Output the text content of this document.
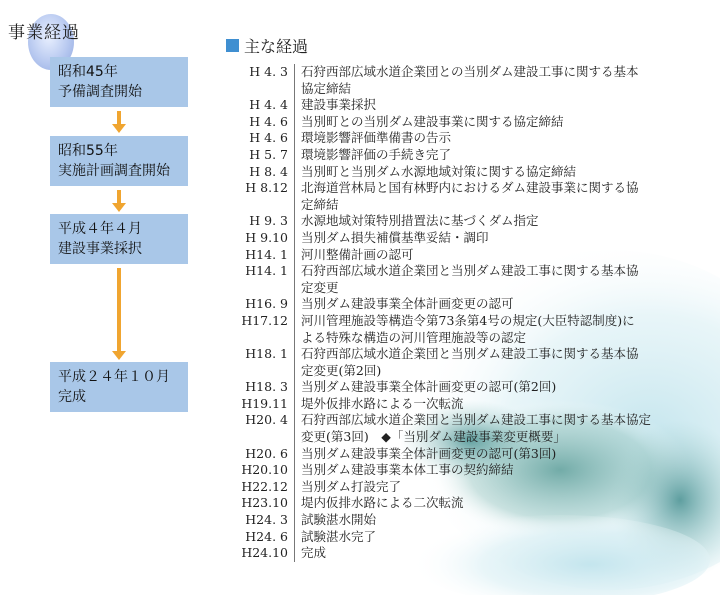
事業経過
昭和45年
予備調査開始
昭和55年
実施計画調査開始
平成４年４月
建設事業採択
平成２４年１０月
完成
主な経過
H 4. 3	石狩西部広域水道企業団との当別ダム建設工事に関する基本
協定締結
H 4. 4	建設事業採択
H 4. 6	当別町との当別ダム建設事業に関する協定締結
H 4. 6	環境影響評価準備書の告示
H 5. 7	環境影響評価の手続き完了
H 8. 4	当別町と当別ダム水源地域対策に関する協定締結
H 8.12	北海道営林局と国有林野内におけるダム建設事業に関する協
定締結
H 9. 3	水源地域対策特別措置法に基づくダム指定
H 9.10	当別ダム損失補償基準妥結・調印
H14. 1	河川整備計画の認可
H14. 1	石狩西部広域水道企業団と当別ダム建設工事に関する基本協
定変更
H16. 9	当別ダム建設事業全体計画変更の認可
H17.12	河川管理施設等構造令第73条第4号の規定(大臣特認制度)に
よる特殊な構造の河川管理施設等の認定
H18. 1	石狩西部広域水道企業団と当別ダム建設工事に関する基本協
定変更(第2回)
H18. 3	当別ダム建設事業全体計画変更の認可(第2回)
H19.11	堤外仮排水路による一次転流
H20. 4	石狩西部広域水道企業団と当別ダム建設工事に関する基本協定
変更(第3回)　◆「当別ダム建設事業変更概要」
H20. 6	当別ダム建設事業全体計画変更の認可(第3回)
H20.10	当別ダム建設事業本体工事の契約締結
H22.12	当別ダム打設完了
H23.10	堤内仮排水路による二次転流
H24. 3	試験湛水開始
H24. 6	試験湛水完了
H24.10	完成
